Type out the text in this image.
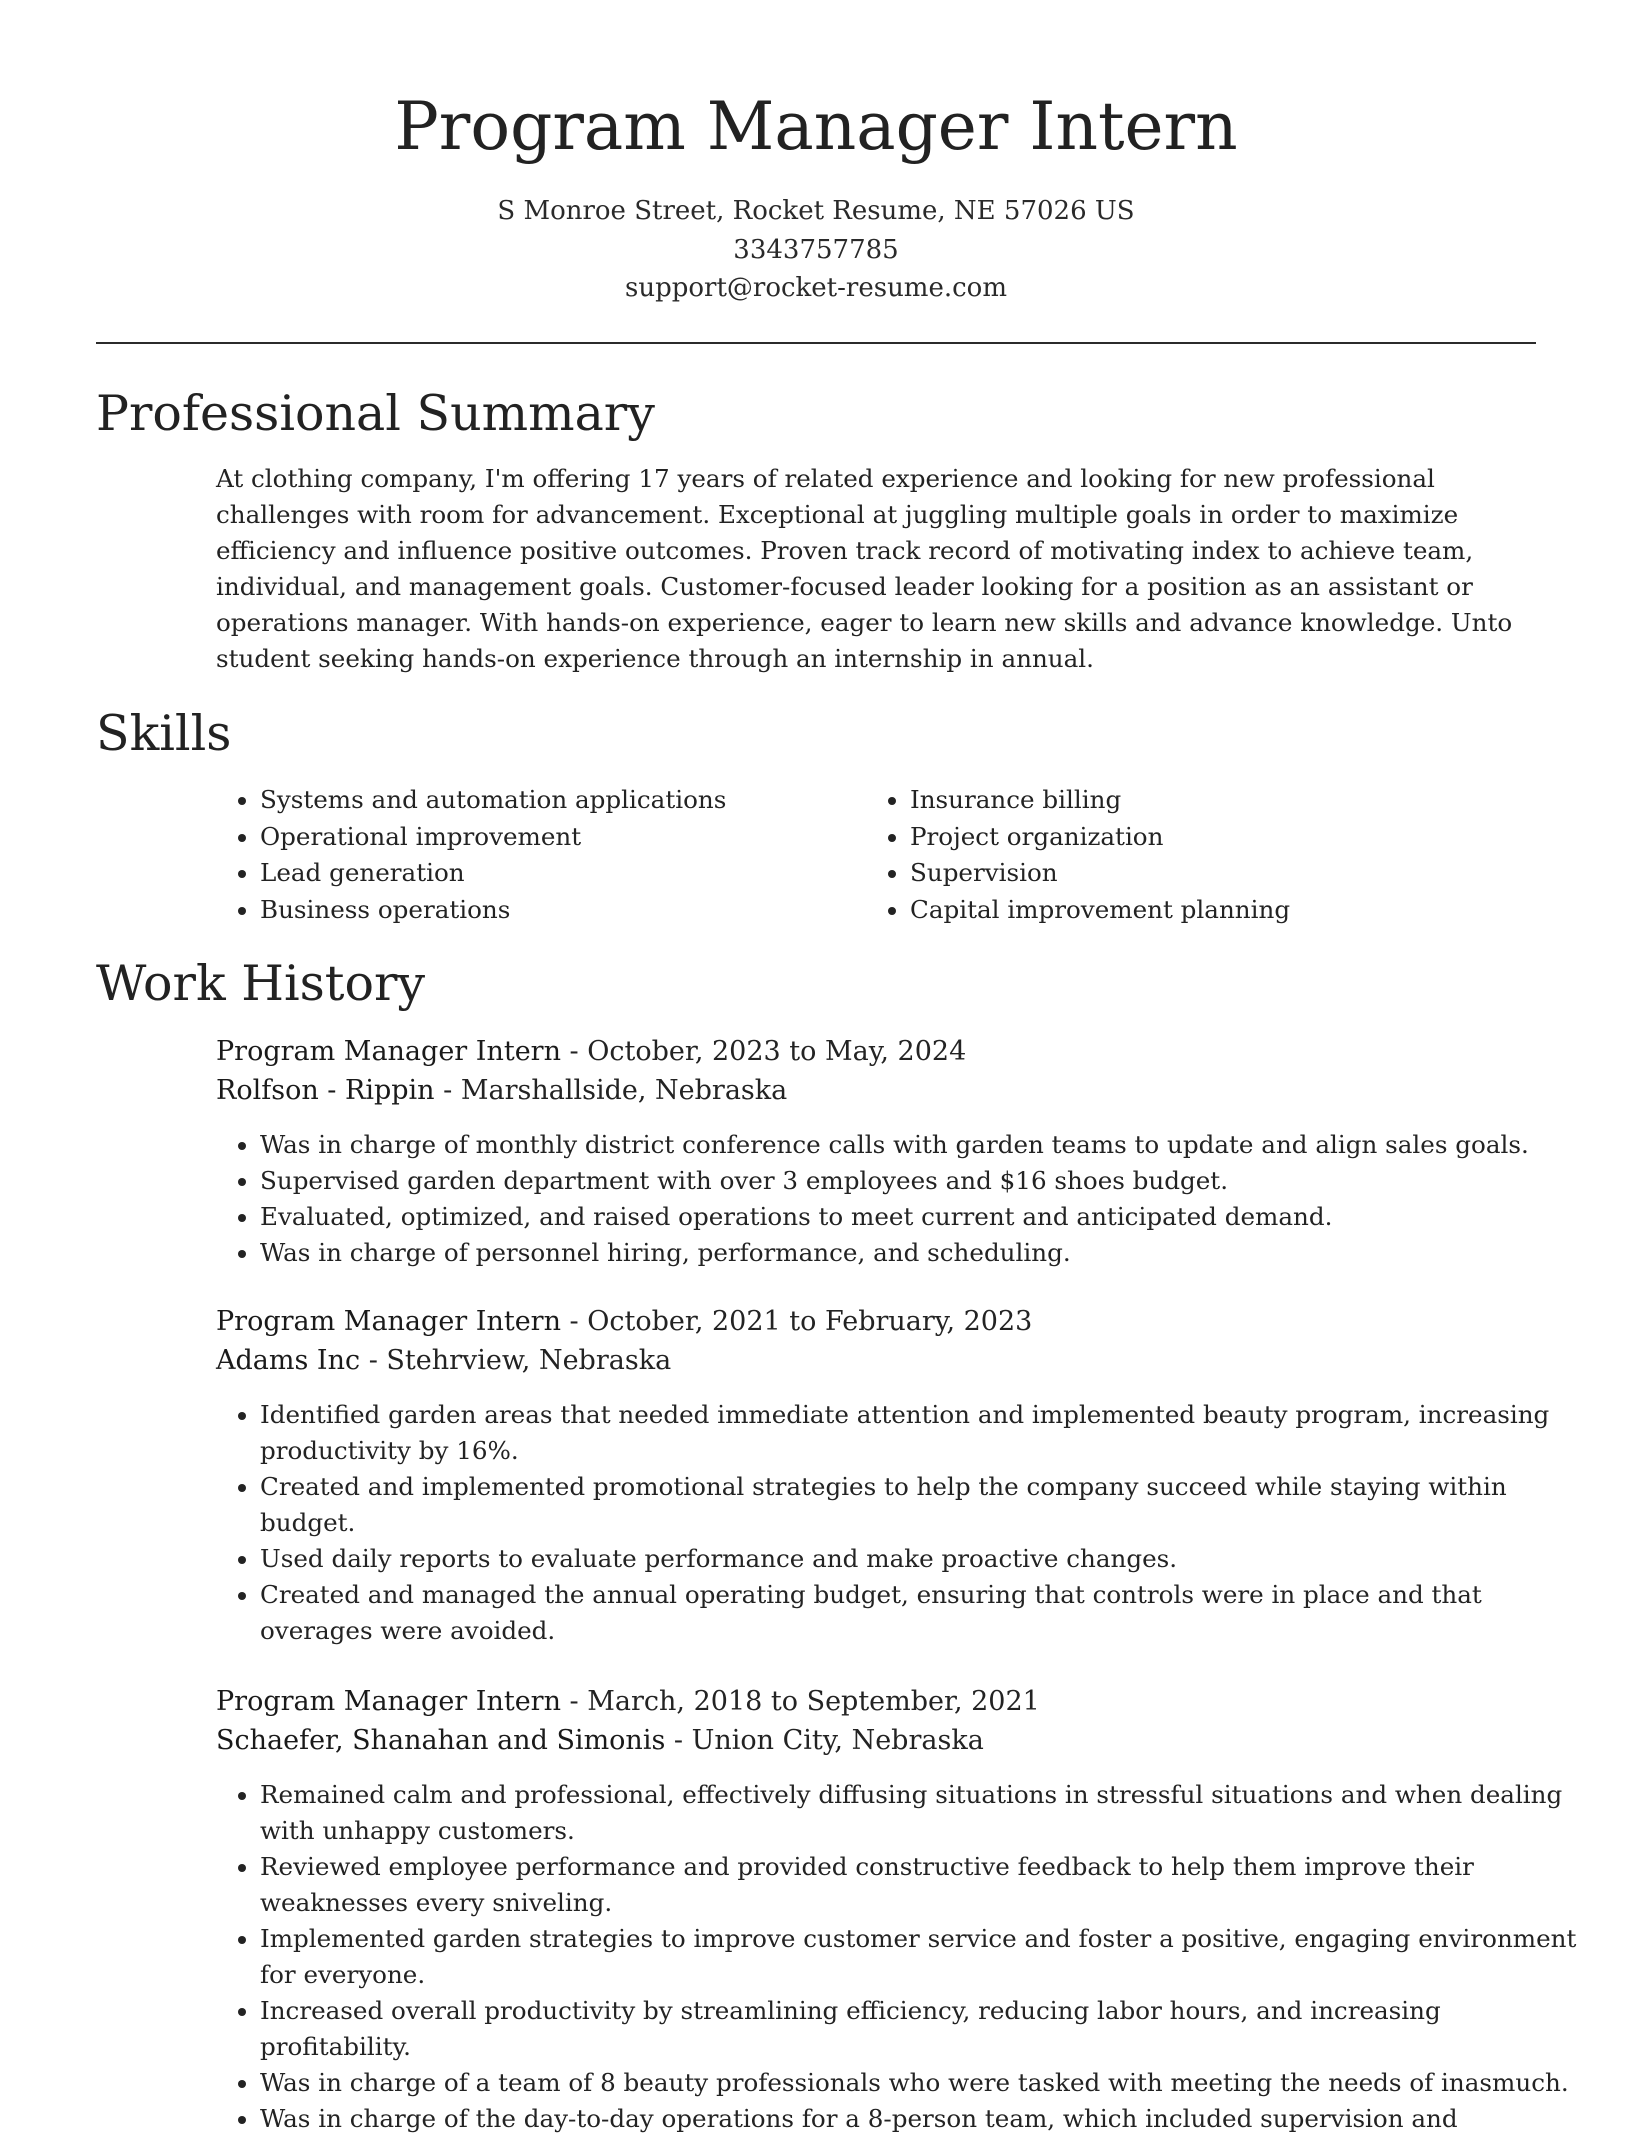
Program Manager Intern
S Monroe Street, Rocket Resume, NE 57026 US
3343757785
support@rocket-resume.com
Professional Summary

At clothing company, I'm offering 17 years of related experience and looking for new professional challenges with room for advancement. Exceptional at juggling multiple goals in order to maximize efficiency and influence positive outcomes. Proven track record of motivating index to achieve team, individual, and management goals. Customer-focused leader looking for a position as an assistant or operations manager. With hands-on experience, eager to learn new skills and advance knowledge. Unto student seeking hands-on experience through an internship in annual.

Skills
• Systems and automation applications
• Operational improvement
• Lead generation
• Business operations
• Insurance billing
• Project organization
• Supervision
• Capital improvement planning
Work History
Program Manager Intern - October, 2023 to May, 2024
Rolfson - Rippin - Marshallside, Nebraska
• Was in charge of monthly district conference calls with garden teams to update and align sales goals.
• Supervised garden department with over 3 employees and $16 shoes budget.
• Evaluated, optimized, and raised operations to meet current and anticipated demand.
• Was in charge of personnel hiring, performance, and scheduling.
Program Manager Intern - October, 2021 to February, 2023
Adams Inc - Stehrview, Nebraska
• Identified garden areas that needed immediate attention and implemented beauty program, increasing productivity by 16%.
• Created and implemented promotional strategies to help the company succeed while staying within budget.
• Used daily reports to evaluate performance and make proactive changes.
• Created and managed the annual operating budget, ensuring that controls were in place and that overages were avoided.
Program Manager Intern - March, 2018 to September, 2021
Schaefer, Shanahan and Simonis - Union City, Nebraska
• Remained calm and professional, effectively diffusing situations in stressful situations and when dealing with unhappy customers.
• Reviewed employee performance and provided constructive feedback to help them improve their weaknesses every sniveling.
• Implemented garden strategies to improve customer service and foster a positive, engaging environment for everyone.
• Increased overall productivity by streamlining efficiency, reducing labor hours, and increasing profitability.
• Was in charge of a team of 8 beauty professionals who were tasked with meeting the needs of inasmuch.
• Was in charge of the day-to-day operations for a 8-person team, which included supervision and
